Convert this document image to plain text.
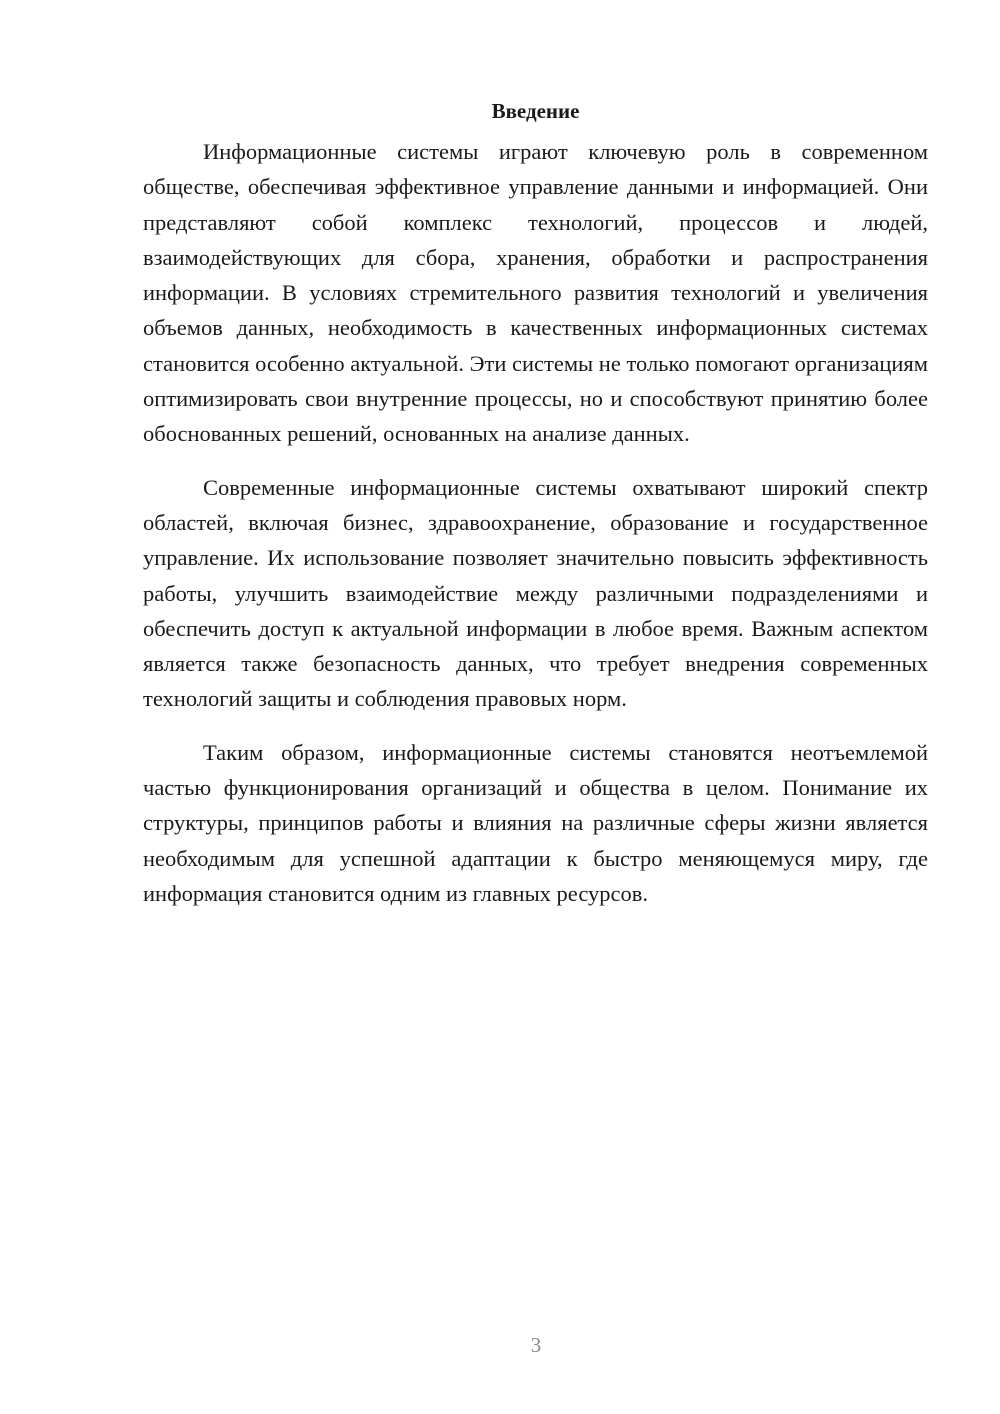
Введение

Информационные системы играют ключевую роль в современном обществе, обеспечивая эффективное управление данными и информацией. Они представляют собой комплекс технологий, процессов и людей, взаимодействующих для сбора, хранения, обработки и распространения информации. В условиях стремительного развития технологий и увеличения объемов данных, необходимость в качественных информационных системах становится особенно актуальной. Эти системы не только помогают организациям оптимизировать свои внутренние процессы, но и способствуют принятию более обоснованных решений, основанных на анализе данных.

Современные информационные системы охватывают широкий спектр областей, включая бизнес, здравоохранение, образование и государственное управление. Их использование позволяет значительно повысить эффективность работы, улучшить взаимодействие между различными подразделениями и обеспечить доступ к актуальной информации в любое время. Важным аспектом является также безопасность данных, что требует внедрения современных технологий защиты и соблюдения правовых норм.

Таким образом, информационные системы становятся неотъемлемой частью функционирования организаций и общества в целом. Понимание их структуры, принципов работы и влияния на различные сферы жизни является необходимым для успешной адаптации к быстро меняющемуся миру, где информация становится одним из главных ресурсов.

3
